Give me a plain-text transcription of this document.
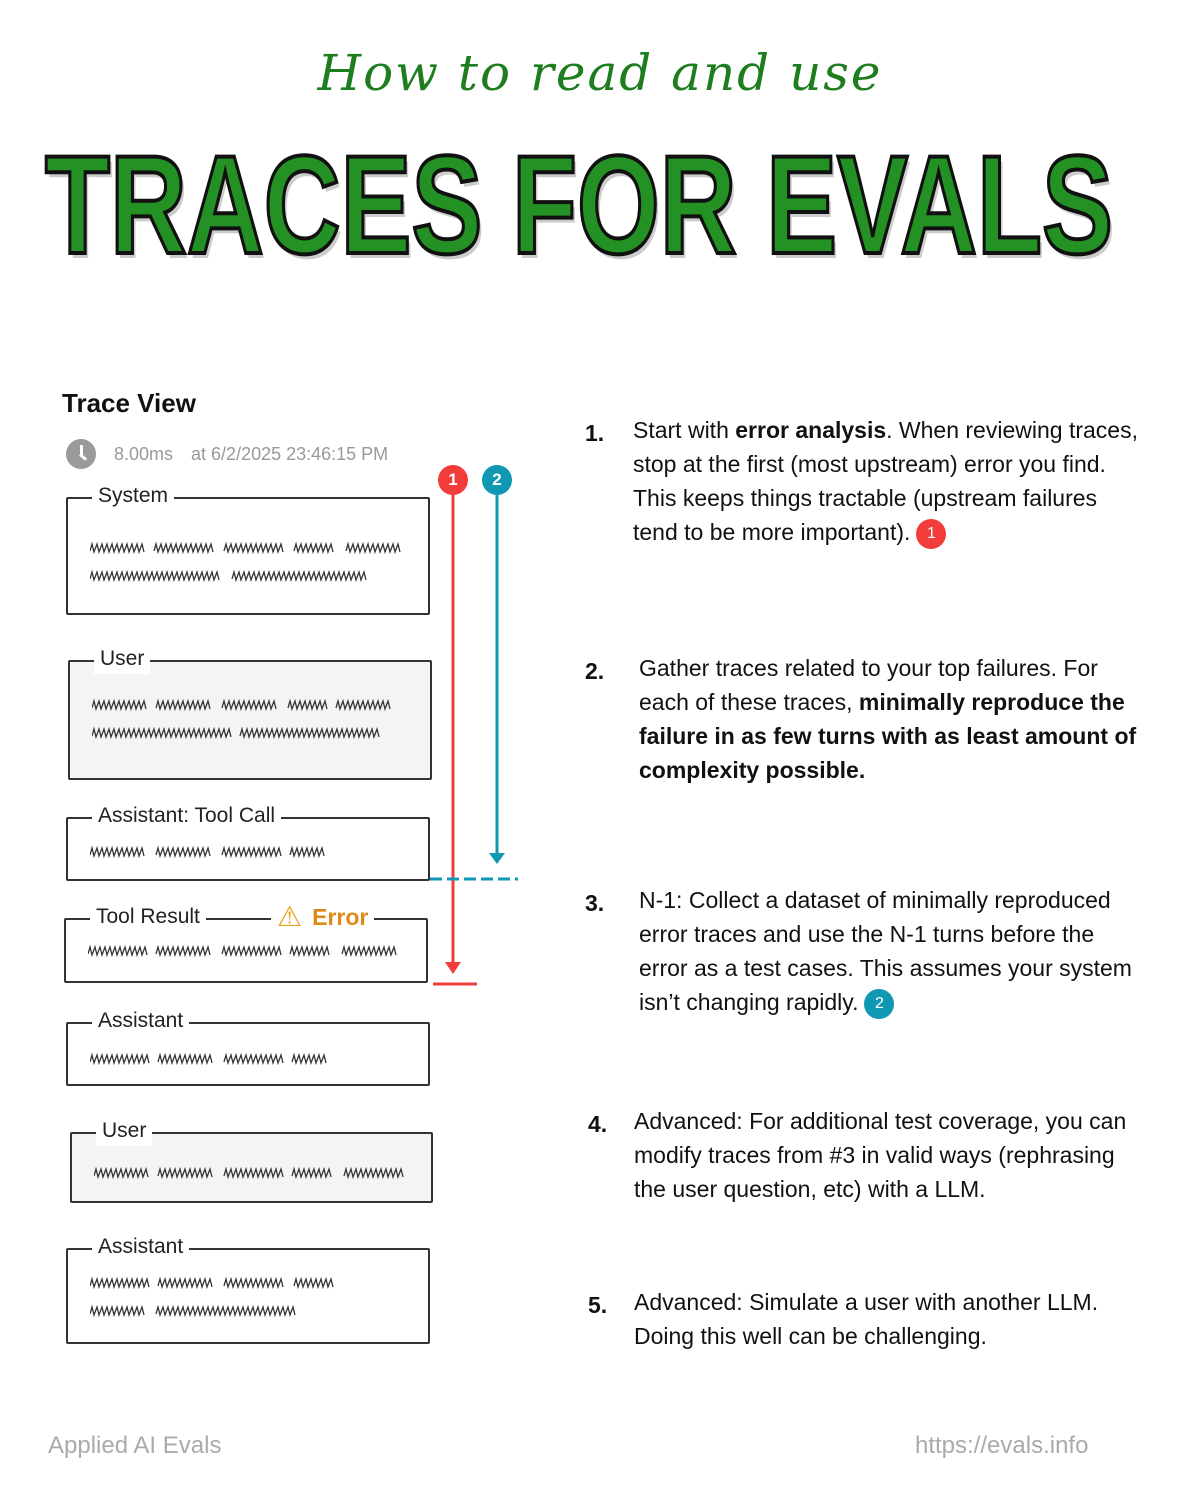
How to read and use
TRACES FOR EVALS
Trace View
8.00ms at 6/2/2025 23:46:15 PM
System
User
Assistant: Tool Call
Tool Result	⚠ Error
Assistant
User
Assistant
1	2
1.	Start with error analysis. When reviewing traces, stop at the first (most upstream) error you find. This keeps things tractable (upstream failures tend to be more important). 1
2.	Gather traces related to your top failures. For each of these traces, minimally reproduce the failure in as few turns with as least amount of complexity possible.
3.	N-1: Collect a dataset of minimally reproduced error traces and use the N-1 turns before the error as a test cases. This assumes your system isn’t changing rapidly. 2
4.	Advanced: For additional test coverage, you can modify traces from #3 in valid ways (rephrasing the user question, etc) with a LLM.
5.	Advanced: Simulate a user with another LLM. Doing this well can be challenging.
Applied AI Evals	https://evals.info
